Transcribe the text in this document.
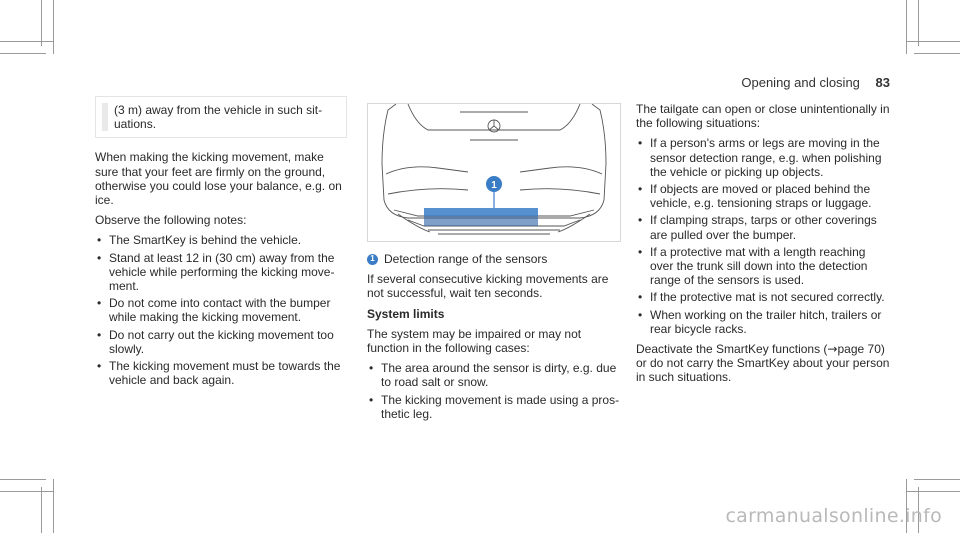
Opening and closing 83
(3 m) away from the vehicle in such situations.

When making the kicking movement, make sure that your feet are firmly on the ground, otherwise you could lose your balance, e.g. on ice.

Observe the following notes:

• The SmartKey is behind the vehicle.
• Stand at least 12 in (30 cm) away from the vehicle while performing the kicking movement.
• Do not come into contact with the bumper while making the kicking movement.
• Do not carry out the kicking movement too slowly.
• The kicking movement must be towards the vehicle and back again.
1
1 Detection range of the sensors

If several consecutive kicking movements are not successful, wait ten seconds.

System limits

The system may be impaired or may not function in the following cases:

• The area around the sensor is dirty, e.g. due to road salt or snow.
• The kicking movement is made using a prosthetic leg.

The tailgate can open or close unintentionally in the following situations:

• If a person's arms or legs are moving in the sensor detection range, e.g. when polishing the vehicle or picking up objects.
• If objects are moved or placed behind the vehicle, e.g. tensioning straps or luggage.
• If clamping straps, tarps or other coverings are pulled over the bumper.
• If a protective mat with a length reaching over the trunk sill down into the detection range of the sensors is used.
• If the protective mat is not secured correctly.
• When working on the trailer hitch, trailers or rear bicycle racks.

Deactivate the SmartKey functions (→page 70) or do not carry the SmartKey about your person in such situations.

carmanualsonline.info
